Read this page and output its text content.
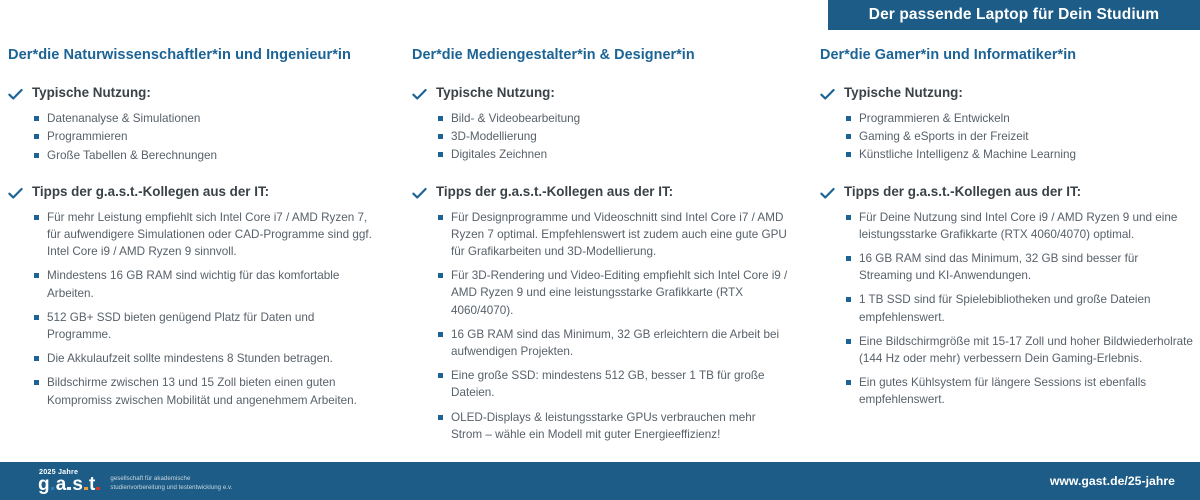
Der passende Laptop für Dein Studium
Der*die Naturwissenschaftler*in und Ingenieur*in
Typische Nutzung:
Datenanalyse & Simulationen
Programmieren
Große Tabellen & Berechnungen
Tipps der g.a.s.t.-Kollegen aus der IT:
Für mehr Leistung empfiehlt sich Intel Core i7 / AMD Ryzen 7, für aufwendigere Simulationen oder CAD-Programme sind ggf. Intel Core i9 / AMD Ryzen 9 sinnvoll.
Mindestens 16 GB RAM sind wichtig für das komfortable Arbeiten.
512 GB+ SSD bieten genügend Platz für Daten und Programme.
Die Akkulaufzeit sollte mindestens 8 Stunden betragen.
Bildschirme zwischen 13 und 15 Zoll bieten einen guten Kompromiss zwischen Mobilität und angenehmem Arbeiten.
Der*die Mediengestalter*in & Designer*in
Typische Nutzung:
Bild- & Videobearbeitung
3D-Modellierung
Digitales Zeichnen
Tipps der g.a.s.t.-Kollegen aus der IT:
Für Designprogramme und Videoschnitt sind Intel Core i7 / AMD Ryzen 7 optimal. Empfehlenswert ist zudem auch eine gute GPU für Grafikarbeiten und 3D-Modellierung.
Für 3D-Rendering und Video-Editing empfiehlt sich Intel Core i9 / AMD Ryzen 9 und eine leistungsstarke Grafikkarte (RTX 4060/4070).
16 GB RAM sind das Minimum, 32 GB erleichtern die Arbeit bei aufwendigen Projekten.
Eine große SSD: mindestens 512 GB, besser 1 TB für große Dateien.
OLED-Displays & leistungsstarke GPUs verbrauchen mehr Strom – wähle ein Modell mit guter Energieeffizienz!
Der*die Gamer*in und Informatiker*in
Typische Nutzung:
Programmieren & Entwickeln
Gaming & eSports in der Freizeit
Künstliche Intelligenz & Machine Learning
Tipps der g.a.s.t.-Kollegen aus der IT:
Für Deine Nutzung sind Intel Core i9 / AMD Ryzen 9 und eine leistungsstarke Grafikkarte (RTX 4060/4070) optimal.
16 GB RAM sind das Minimum, 32 GB sind besser für Streaming und KI-Anwendungen.
1 TB SSD sind für Spielebibliotheken und große Dateien empfehlenswert.
Eine Bildschirmgröße mit 15-17 Zoll und hoher Bildwiederholrate (144 Hz oder mehr) verbessern Dein Gaming-Erlebnis.
Ein gutes Kühlsystem für längere Sessions ist ebenfalls empfehlenswert.
2025 Jahre
g a s t	gesellschaft für akademische
studienvorbereitung und testentwicklung e.v.	www.gast.de/25-jahre
